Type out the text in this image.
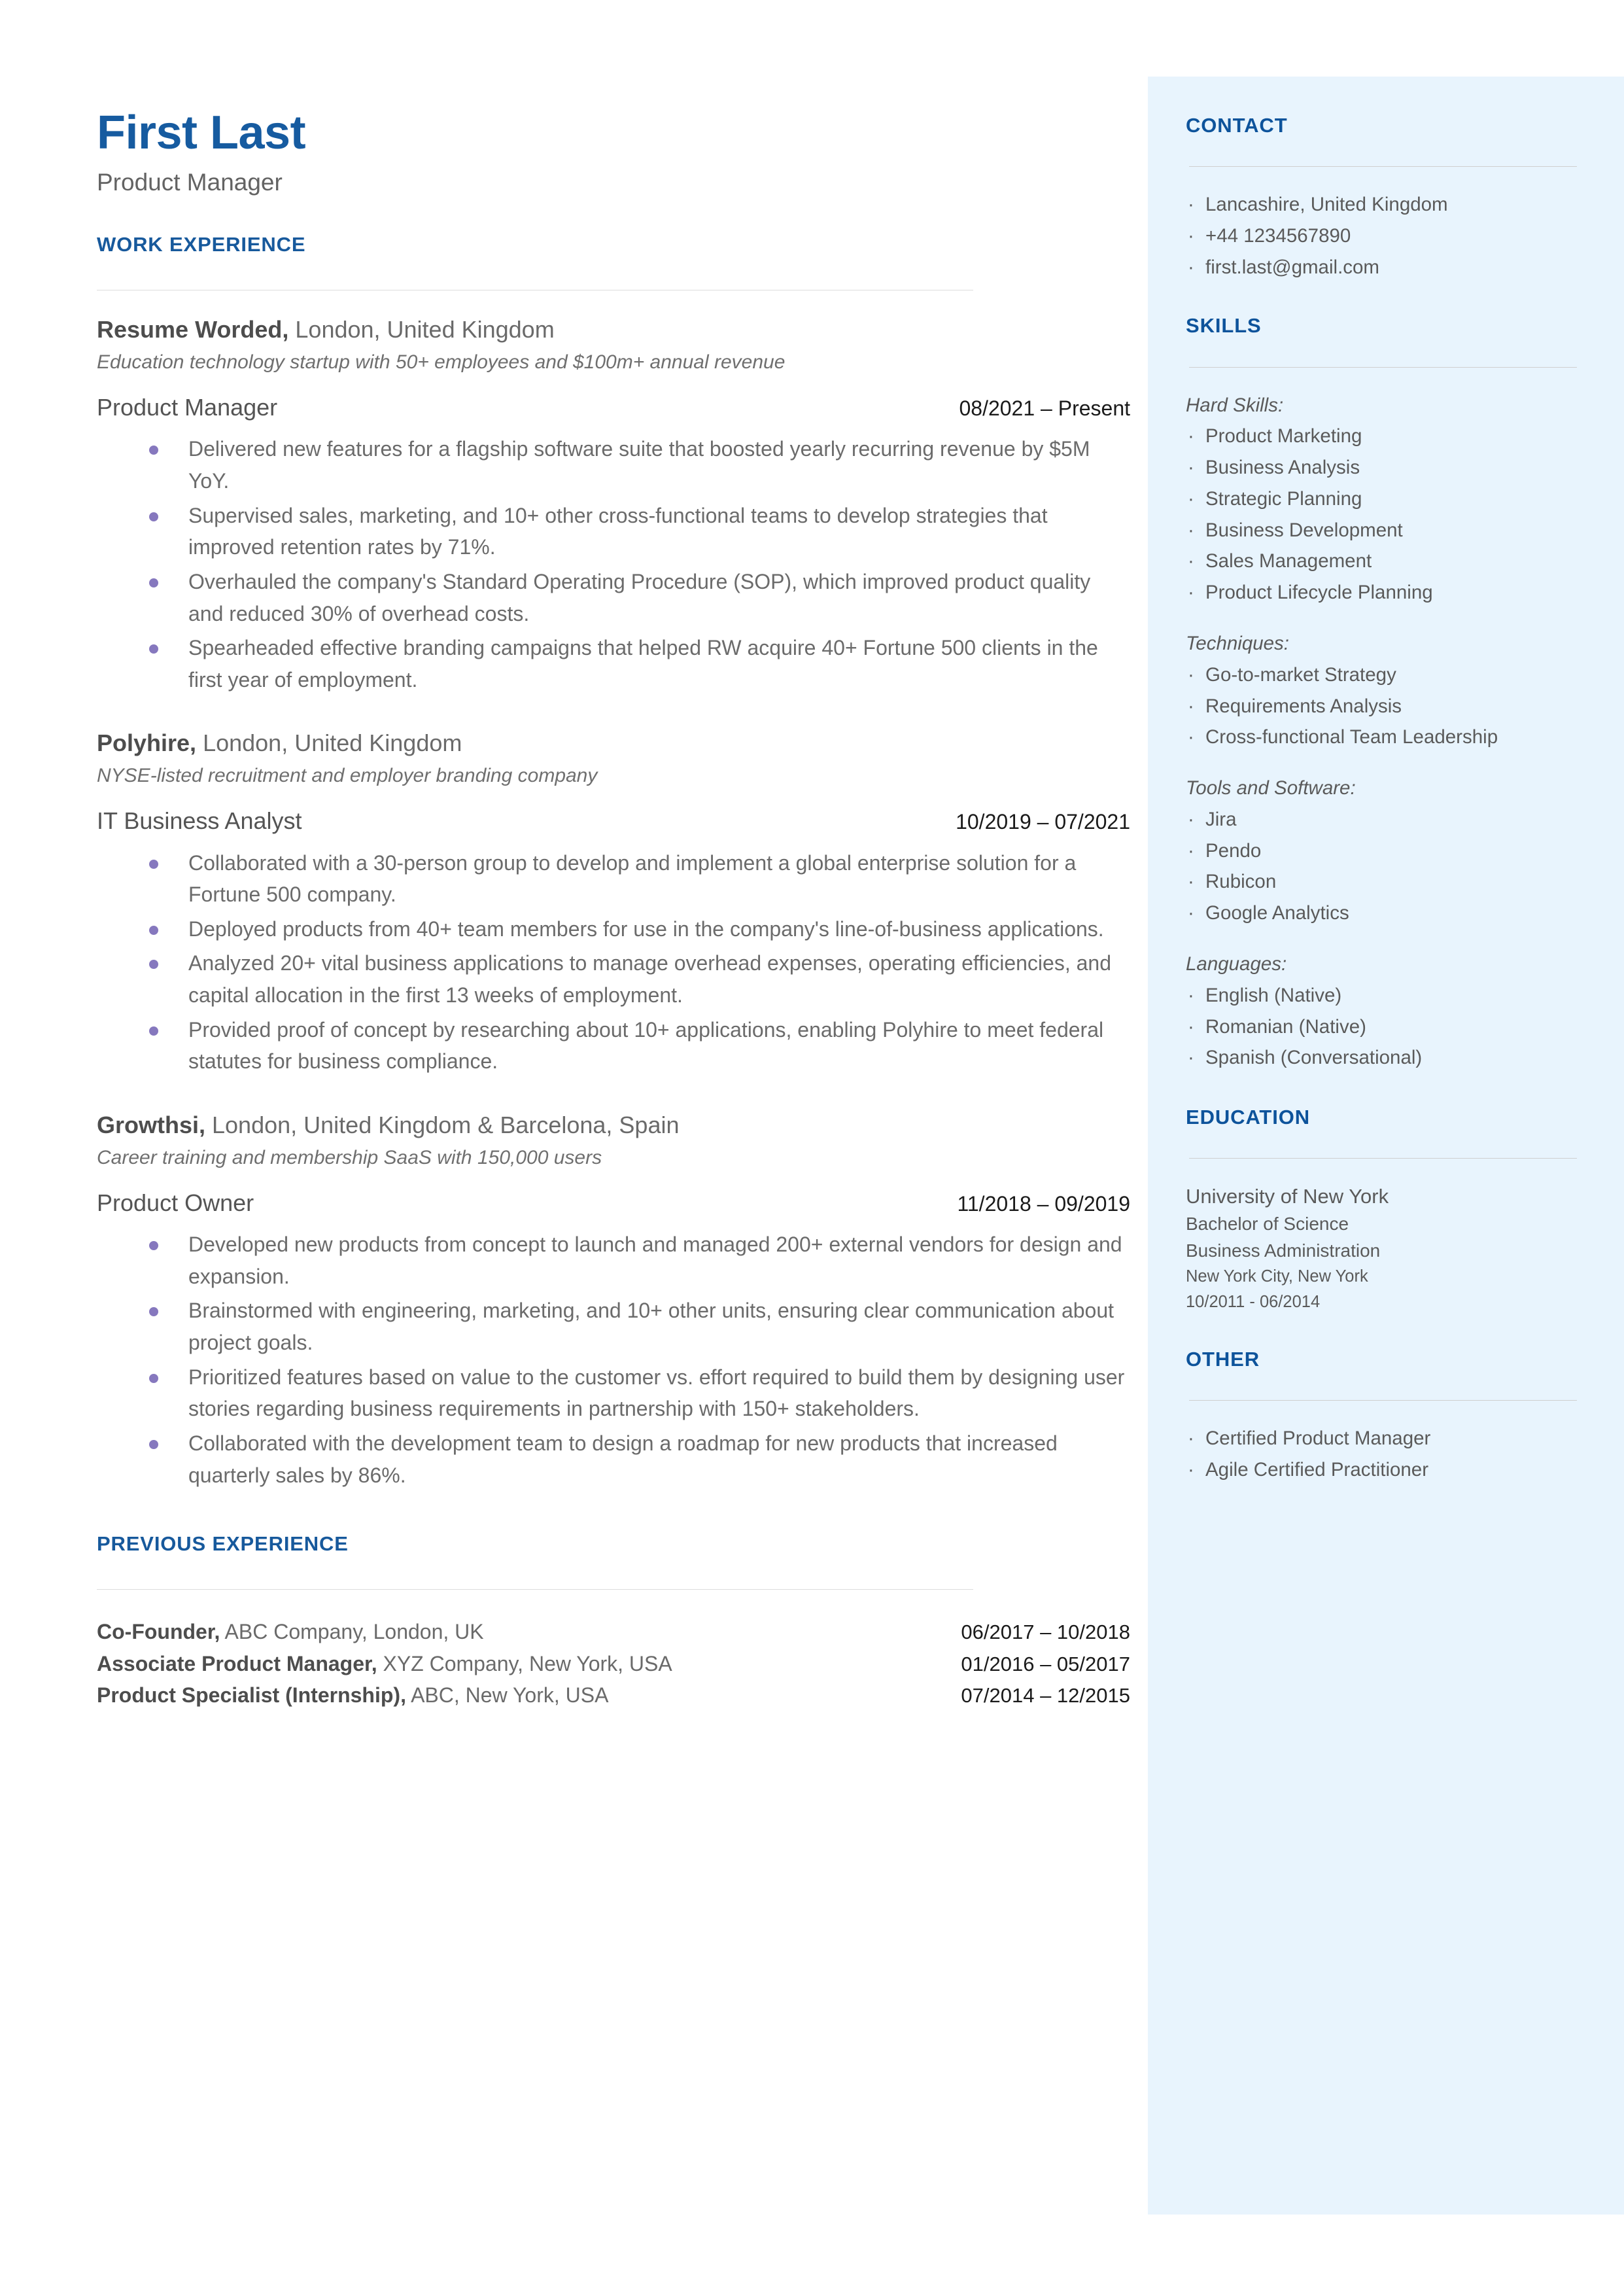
CONTACT
· Lancashire, United Kingdom
· +44 1234567890
· first.last@gmail.com
SKILLS

Hard Skills:

· Product Marketing
· Business Analysis
· Strategic Planning
· Business Development
· Sales Management
· Product Lifecycle Planning

Techniques:

· Go-to-market Strategy
· Requirements Analysis
· Cross-functional Team Leadership

Tools and Software:

· Jira
· Pendo
· Rubicon
· Google Analytics

Languages:

· English (Native)
· Romanian (Native)
· Spanish (Conversational)
EDUCATION

University of New York

Bachelor of Science

Business Administration

New York City, New York

10/2011 - 06/2014

OTHER
· Certified Product Manager
· Agile Certified Practitioner
First Last

Product Manager

WORK EXPERIENCE

Resume Worded, London, United Kingdom

Education technology startup with 50+ employees and $100m+ annual revenue

Product Manager	08/2021 – Present
Delivered new features for a flagship software suite that boosted yearly recurring revenue by $5M YoY.
Supervised sales, marketing, and 10+ other cross-functional teams to develop strategies that improved retention rates by 71%.
Overhauled the company's Standard Operating Procedure (SOP), which improved product quality and reduced 30% of overhead costs.
Spearheaded effective branding campaigns that helped RW acquire 40+ Fortune 500 clients in the first year of employment.

Polyhire, London, United Kingdom

NYSE-listed recruitment and employer branding company

IT Business Analyst	10/2019 – 07/2021
Collaborated with a 30-person group to develop and implement a global enterprise solution for a Fortune 500 company.
Deployed products from 40+ team members for use in the company's line-of-business applications.
Analyzed 20+ vital business applications to manage overhead expenses, operating efficiencies, and capital allocation in the first 13 weeks of employment.
Provided proof of concept by researching about 10+ applications, enabling Polyhire to meet federal statutes for business compliance.

Growthsi, London, United Kingdom & Barcelona, Spain

Career training and membership SaaS with 150,000 users

Product Owner	11/2018 – 09/2019
Developed new products from concept to launch and managed 200+ external vendors for design and expansion.
Brainstormed with engineering, marketing, and 10+ other units, ensuring clear communication about project goals.
Prioritized features based on value to the customer vs. effort required to build them by designing user stories regarding business requirements in partnership with 150+ stakeholders.
Collaborated with the development team to design a roadmap for new products that increased quarterly sales by 86%.
PREVIOUS EXPERIENCE
Co-Founder, ABC Company, London, UK	06/2017 – 10/2018
Associate Product Manager, XYZ Company, New York, USA	01/2016 – 05/2017
Product Specialist (Internship), ABC, New York, USA	07/2014 – 12/2015
